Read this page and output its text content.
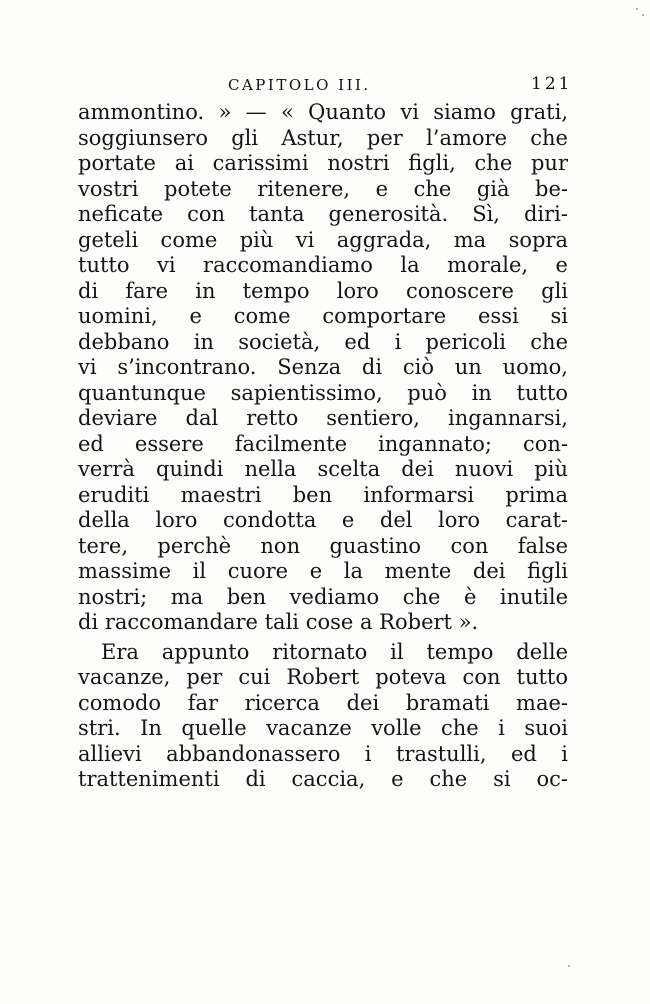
CAPITOLO III.	121
ammontino. » — « Quanto vi siamo grati,
soggiunsero gli Astur, per l’amore che
portate ai carissimi nostri figli, che pur
vostri potete ritenere, e che già be-
neficate con tanta generosità. Sì, diri-
geteli come più vi aggrada, ma sopra
tutto vi raccomandiamo la morale, e
di fare in tempo loro conoscere gli
uomini, e come comportare essi si
debbano in società, ed i pericoli che
vi s’incontrano. Senza di ciò un uomo,
quantunque sapientissimo, può in tutto
deviare dal retto sentiero, ingannarsi,
ed essere facilmente ingannato; con-
verrà quindi nella scelta dei nuovi più
eruditi maestri ben informarsi prima
della loro condotta e del loro carat-
tere, perchè non guastino con false
massime il cuore e la mente dei figli
nostri; ma ben vediamo che è inutile
di raccomandare tali cose a Robert ».
Era appunto ritornato il tempo delle
vacanze, per cui Robert poteva con tutto
comodo far ricerca dei bramati mae-
stri. In quelle vacanze volle che i suoi
allievi abbandonassero i trastulli, ed i
trattenimenti di caccia, e che si oc-
